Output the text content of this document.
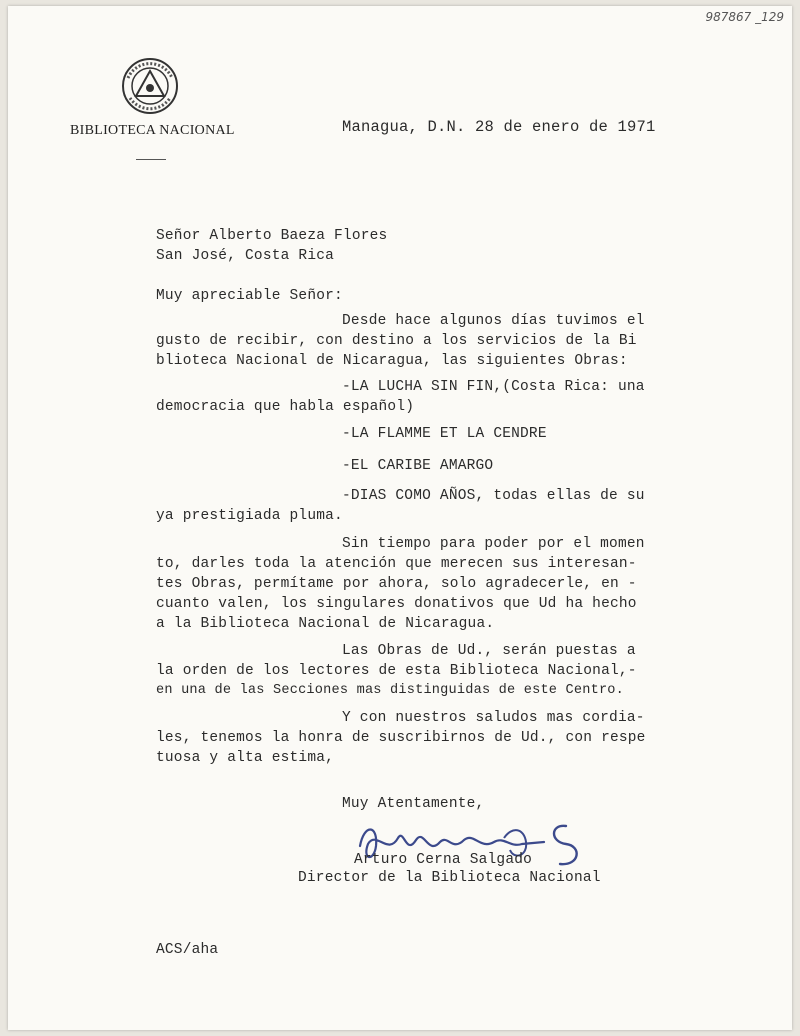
987867 _129
BIBLIOTECA NACIONAL	Managua, D.N. 28 de enero de 1971

Señor Alberto Baeza Flores

San José, Costa Rica

Muy apreciable Señor:

Desde hace algunos días tuvimos el

gusto de recibir, con destino a los servicios de la Bi

blioteca Nacional de Nicaragua, las siguientes Obras:

-LA LUCHA SIN FIN,(Costa Rica: una

democracia que habla español)

-LA FLAMME ET LA CENDRE

-EL CARIBE AMARGO

-DIAS COMO AÑOS, todas ellas de su

ya prestigiada pluma.

Sin tiempo para poder por el momen

to, darles toda la atención que merecen sus interesan-

tes Obras, permítame por ahora, solo agradecerle, en -

cuanto valen, los singulares donativos que Ud ha hecho

a la Biblioteca Nacional de Nicaragua.

Las Obras de Ud., serán puestas a

la orden de los lectores de esta Biblioteca Nacional,-

en una de las Secciones mas distinguidas de este Centro.

Y con nuestros saludos mas cordia-

les, tenemos la honra de suscribirnos de Ud., con respe

tuosa y alta estima,

Muy Atentamente,

Arturo Cerna Salgado

Director de la Biblioteca Nacional

ACS/aha
